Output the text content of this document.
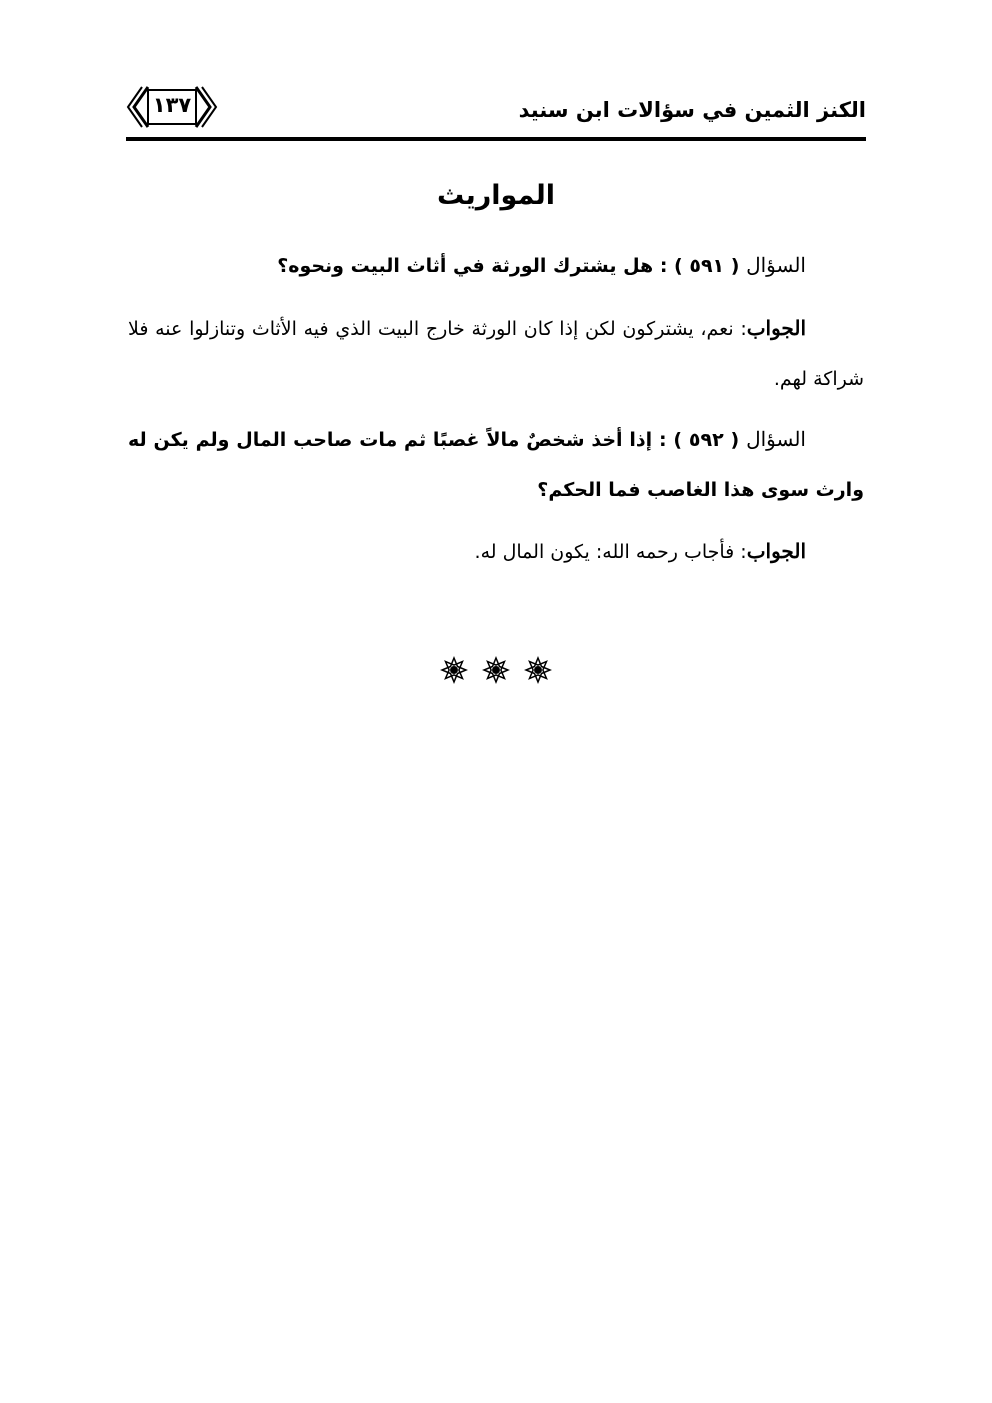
١٣٧	الكنز الثمين في سؤالات ابن سنيد
المواريث
السؤال ( ٥٩١ ) : هل يشترك الورثة في أثاث البيت ونحوه؟
الجواب: نعم، يشتركون لكن إذا كان الورثة خارج البيت الذي فيه الأثاث وتنازلوا عنه فلا شراكة لهم.
السؤال ( ٥٩٢ ) : إذا أخذ شخصٌ مالاً غصبًا ثم مات صاحب المال ولم يكن له وارث سوى هذا الغاصب فما الحكم؟
الجواب: فأجاب رحمه الله: يكون المال له.
